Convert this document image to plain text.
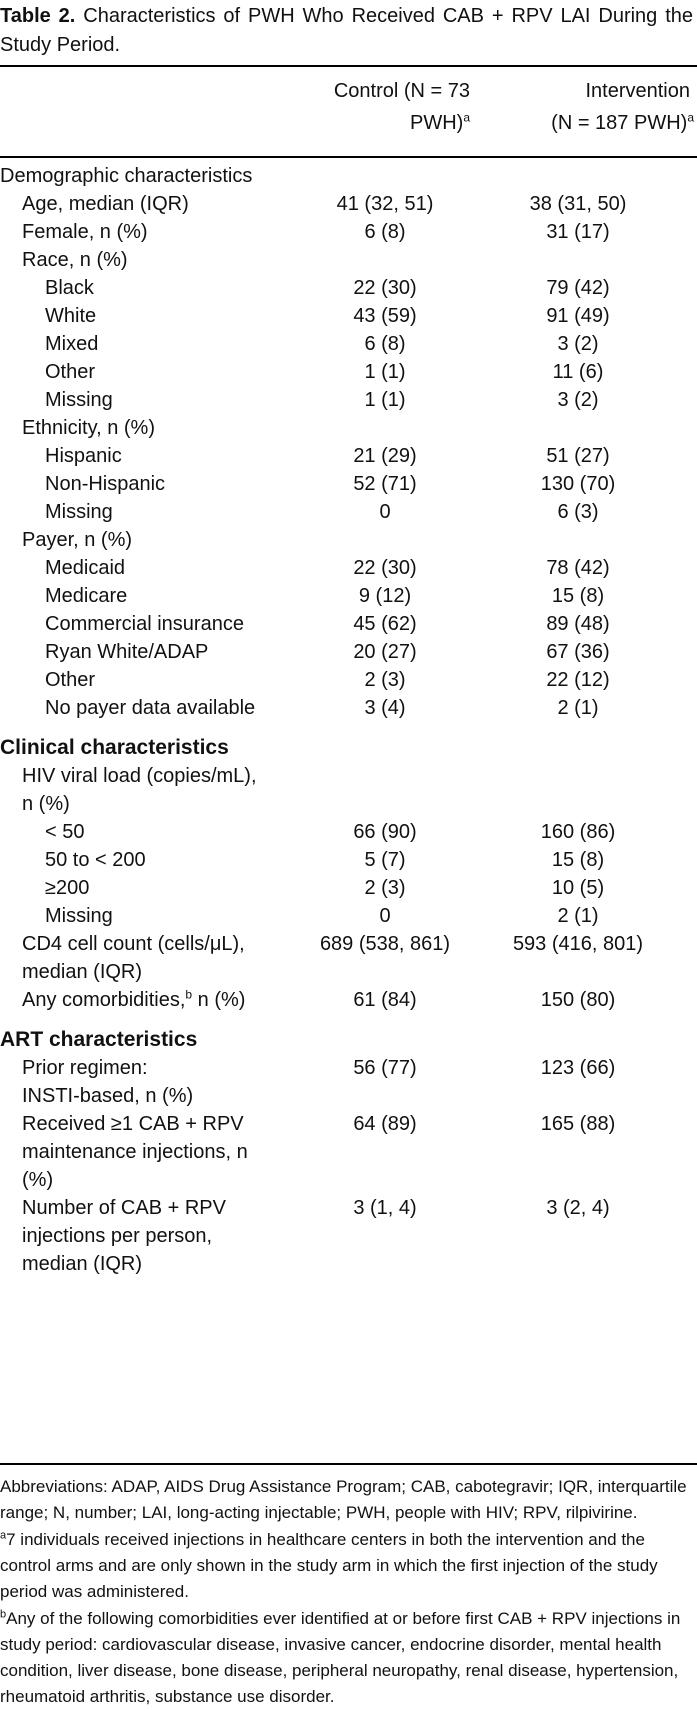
Table 2. Characteristics of PWH Who Received CAB + RPV LAI During the Study Period.
Control (N = 73
PWH)$^a$
Intervention
(N = 187 PWH)$^a$
Demographic characteristics
Age, median (IQR)	41 (32, 51)	38 (31, 50)
Female, n (%)	6 (8)	31 (17)
Race, n (%)
Black	22 (30)	79 (42)
White	43 (59)	91 (49)
Mixed	6 (8)	3 (2)
Other	1 (1)	11 (6)
Missing	1 (1)	3 (2)
Ethnicity, n (%)
Hispanic	21 (29)	51 (27)
Non-Hispanic	52 (71)	130 (70)
Missing	0	6 (3)
Payer, n (%)
Medicaid	22 (30)	78 (42)
Medicare	9 (12)	15 (8)
Commercial insurance	45 (62)	89 (48)
Ryan White/ADAP	20 (27)	67 (36)
Other	2 (3)	22 (12)
No payer data available	3 (4)	2 (1)
Clinical characteristics
HIV viral load (copies/mL),
n (%)
< 50	66 (90)	160 (86)
50 to < 200	5 (7)	15 (8)
≥200	2 (3)	10 (5)
Missing	0	2 (1)
CD4 cell count (cells/μL),
median (IQR)
689 (538, 861)	593 (416, 801)
Any comorbidities,$^b$ n (%)	61 (84)	150 (80)
ART characteristics
Prior regimen:
INSTI-based, n (%)
56 (77)	123 (66)
Received ≥1 CAB + RPV
maintenance injections, n
(%)
64 (89)	165 (88)
Number of CAB + RPV
injections per person,
median (IQR)
3 (1, 4)	3 (2, 4)

Abbreviations: ADAP, AIDS Drug Assistance Program; CAB, cabotegravir; IQR, interquartile range; N, number; LAI, long-acting injectable; PWH, people with HIV; RPV, rilpivirine.

$^a$7 individuals received injections in healthcare centers in both the intervention and the control arms and are only shown in the study arm in which the first injection of the study period was administered.

$^b$Any of the following comorbidities ever identified at or before first CAB + RPV injections in study period: cardiovascular disease, invasive cancer, endocrine disorder, mental health condition, liver disease, bone disease, peripheral neuropathy, renal disease, hypertension, rheumatoid arthritis, substance use disorder.
